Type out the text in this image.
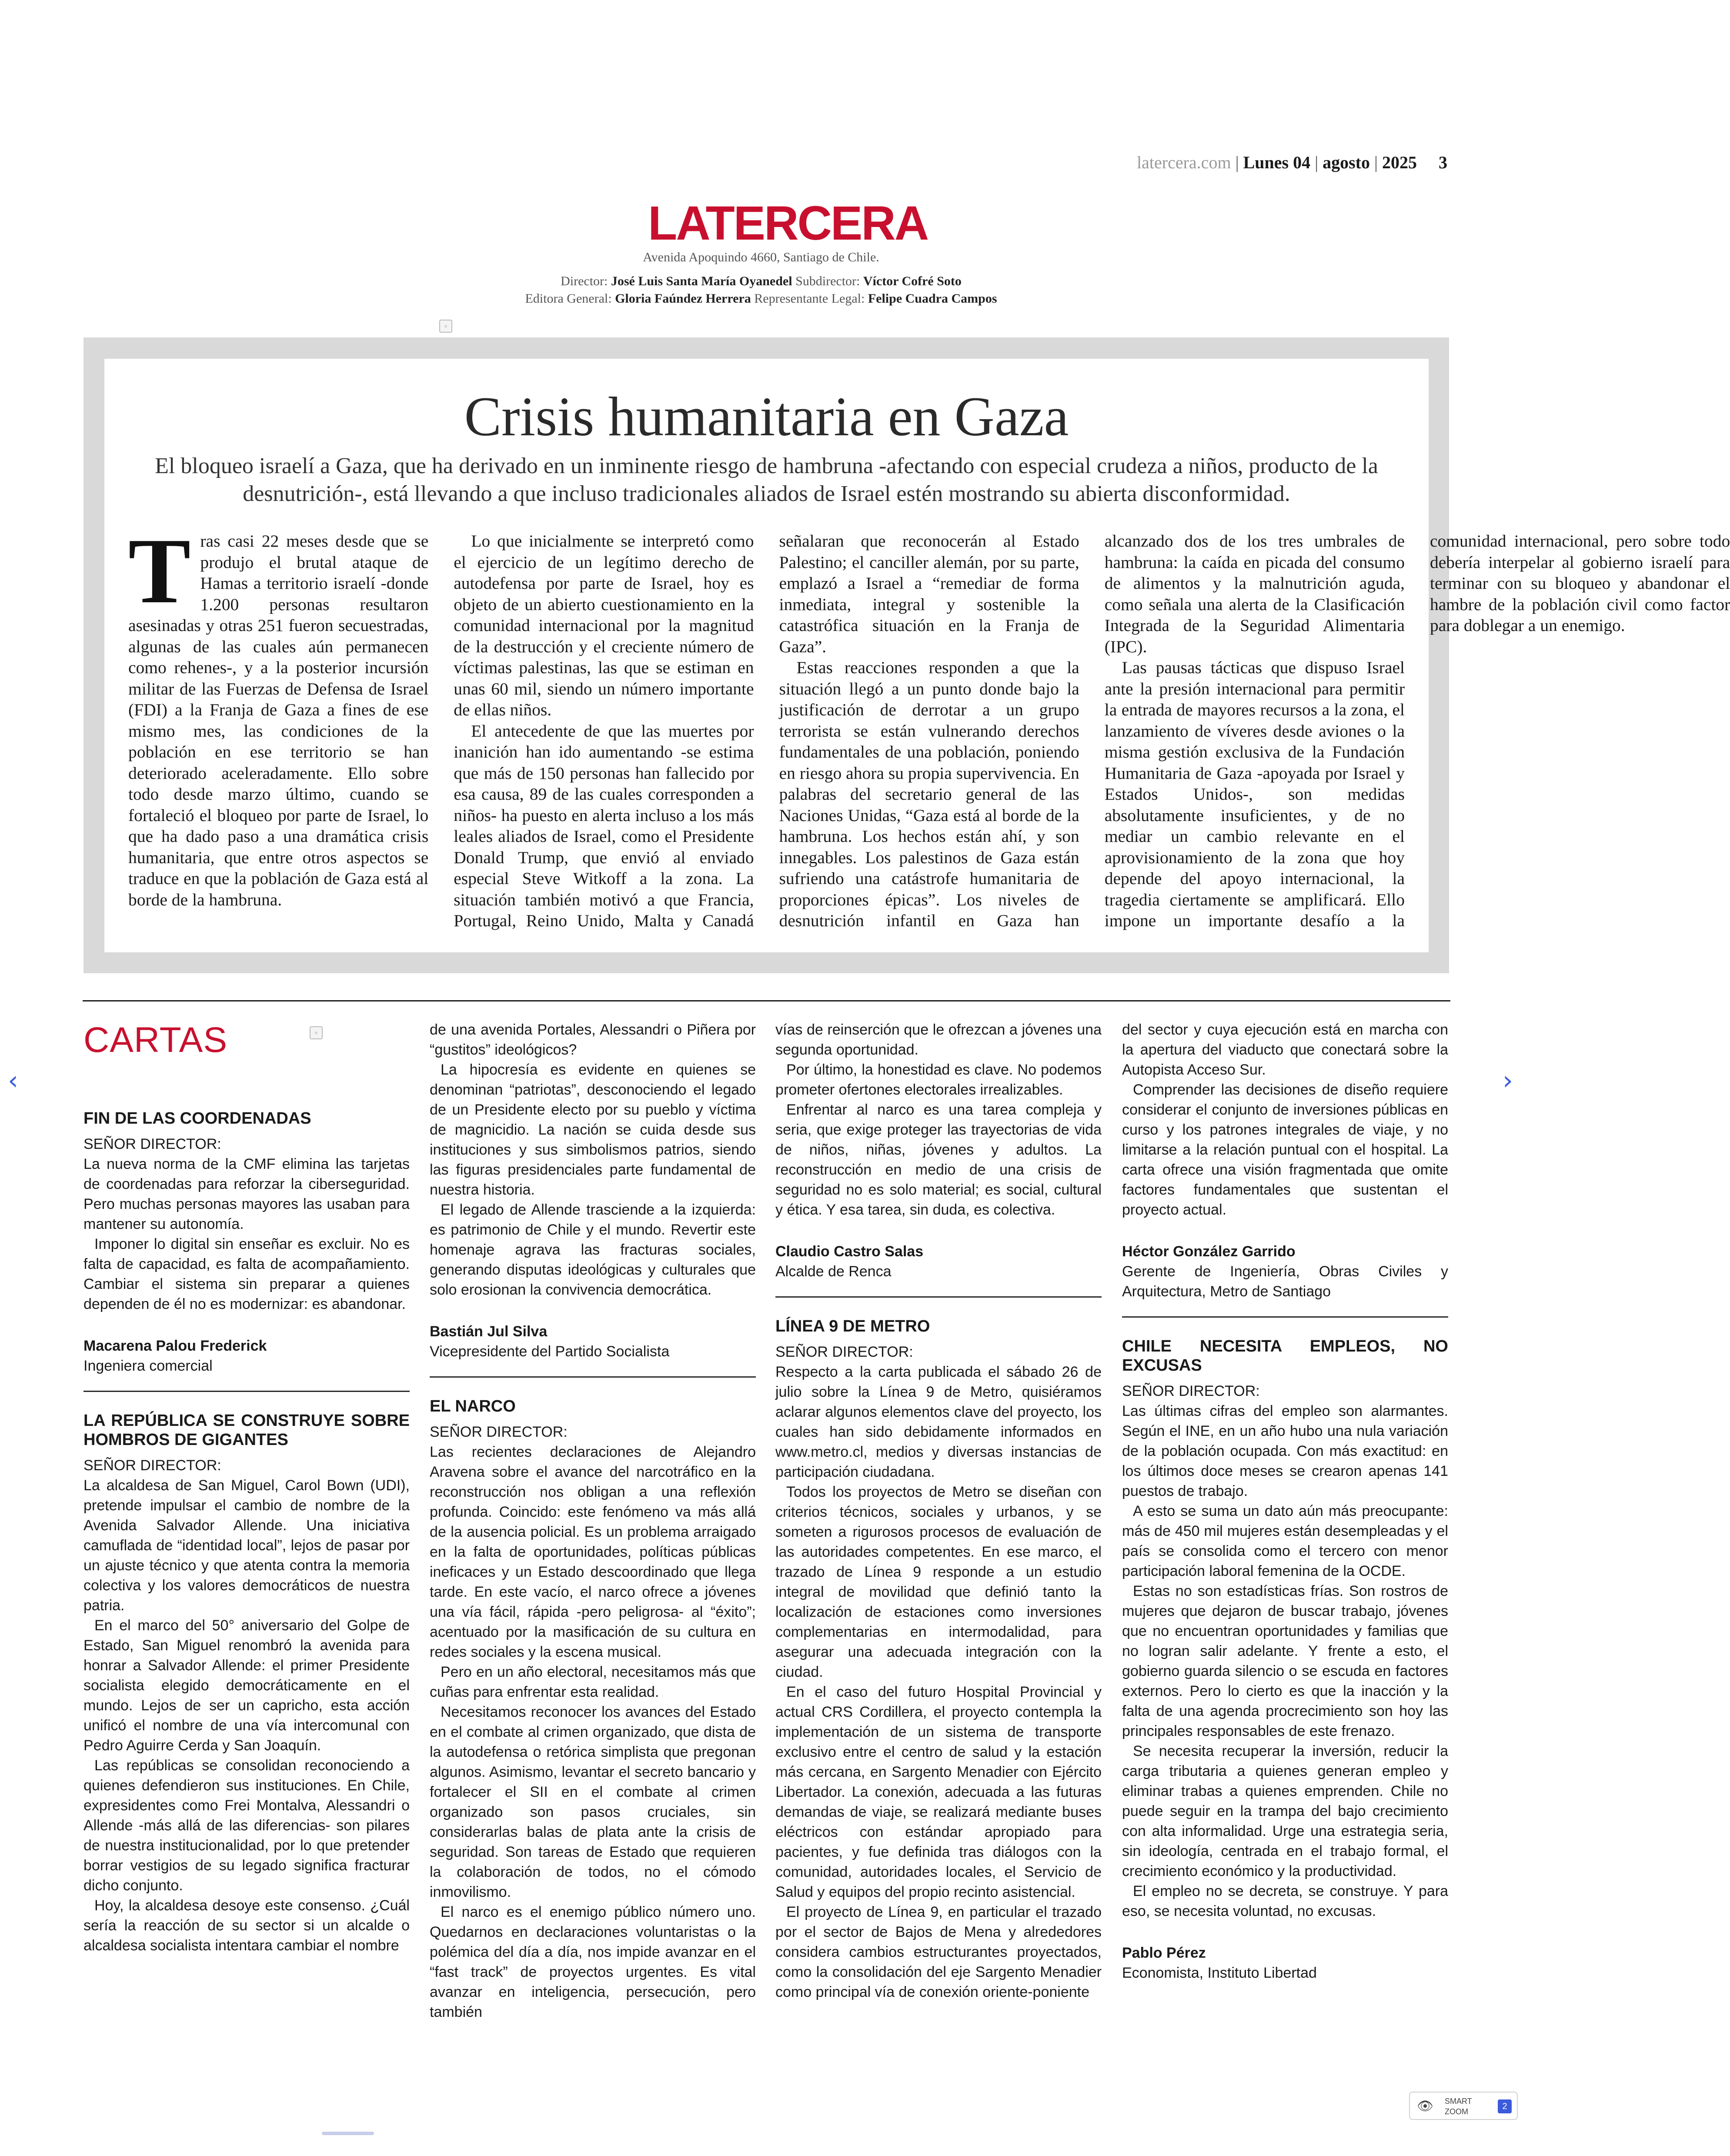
latercera.com | Lunes 04 | agosto | 2025 3
LATERCERA
Avenida Apoquindo 4660, Santiago de Chile.
Director: José Luis Santa María Oyanedel Subdirector: Víctor Cofré Soto
Editora General: Gloria Faúndez Herrera Representante Legal: Felipe Cuadra Campos
▫
Crisis humanitaria en Gaza
El bloqueo israelí a Gaza, que ha derivado en un inminente riesgo de hambruna -afectando con especial crudeza a niños, producto de la desnutrición-, está llevando a que incluso tradicionales aliados de Israel estén mostrando su abierta disconformidad.

Tras casi 22 meses desde que se produjo el brutal ataque de Hamas a territorio israelí -donde 1.200 personas resultaron asesinadas y otras 251 fueron secuestradas, algunas de las cuales aún permanecen como rehenes-, y a la posterior incursión militar de las Fuerzas de Defensa de Israel (FDI) a la Franja de Gaza a fines de ese mismo mes, las condiciones de la población en ese territorio se han deteriorado aceleradamente. Ello sobre todo desde marzo último, cuando se fortaleció el bloqueo por parte de Israel, lo que ha dado paso a una dramática crisis humanitaria, que entre otros aspectos se traduce en que la población de Gaza está al borde de la hambruna.

Lo que inicialmente se interpretó como el ejercicio de un legítimo derecho de autodefensa por parte de Israel, hoy es objeto de un abierto cuestionamiento en la comunidad internacional por la magnitud de la destrucción y el creciente número de víctimas palestinas, las que se estiman en unas 60 mil, siendo un número importante de ellas niños.

El antecedente de que las muertes por inanición han ido aumentando -se estima que más de 150 personas han fallecido por esa causa, 89 de las cuales corresponden a niños- ha puesto en alerta incluso a los más leales aliados de Israel, como el Presidente Donald Trump, que envió al enviado especial Steve Witkoff a la zona. La situación también motivó a que Francia, Portugal, Reino Unido, Malta y Canadá señalaran que reconocerán al Estado Palestino; el canciller alemán, por su parte, emplazó a Israel a “remediar de forma inmediata, integral y sostenible la catastrófica situación en la Franja de Gaza”.

Estas reacciones responden a que la situación llegó a un punto donde bajo la justificación de derrotar a un grupo terrorista se están vulnerando derechos fundamentales de una población, poniendo en riesgo ahora su propia supervivencia. En palabras del secretario general de las Naciones Unidas, “Gaza está al borde de la hambruna. Los hechos están ahí, y son innegables. Los palestinos de Gaza están sufriendo una catástrofe humanitaria de proporciones épicas”. Los niveles de desnutrición infantil en Gaza han alcanzado dos de los tres umbrales de hambruna: la caída en picada del consumo de alimentos y la malnutrición aguda, como señala una alerta de la Clasificación Integrada de la Seguridad Alimentaria (IPC).

Las pausas tácticas que dispuso Israel ante la presión internacional para permitir la entrada de mayores recursos a la zona, el lanzamiento de víveres desde aviones o la misma gestión exclusiva de la Fundación Humanitaria de Gaza -apoyada por Israel y Estados Unidos-, son medidas absolutamente insuficientes, y de no mediar un cambio relevante en el aprovisionamiento de la zona que hoy depende del apoyo internacional, la tragedia ciertamente se amplificará. Ello impone un importante desafío a la comunidad internacional, pero sobre todo debería interpelar al gobierno israelí para terminar con su bloqueo y abandonar el hambre de la población civil como factor para doblegar a un enemigo.

CARTAS	▫
FIN DE LAS COORDENADAS

SEÑOR DIRECTOR:

La nueva norma de la CMF elimina las tarjetas de coordenadas para reforzar la ciberseguridad. Pero muchas personas mayores las usaban para mantener su autonomía.

Imponer lo digital sin enseñar es excluir. No es falta de capacidad, es falta de acompañamiento. Cambiar el sistema sin preparar a quienes dependen de él no es modernizar: es abandonar.

Macarena Palou Frederick
Ingeniera comercial
LA REPÚBLICA SE CONSTRUYE SOBRE HOMBROS DE GIGANTES

SEÑOR DIRECTOR:

La alcaldesa de San Miguel, Carol Bown (UDI), pretende impulsar el cambio de nombre de la Avenida Salvador Allende. Una iniciativa camuflada de “identidad local”, lejos de pasar por un ajuste técnico y que atenta contra la memoria colectiva y los valores democráticos de nuestra patria.

En el marco del 50° aniversario del Golpe de Estado, San Miguel renombró la avenida para honrar a Salvador Allende: el primer Presidente socialista elegido democráticamente en el mundo. Lejos de ser un capricho, esta acción unificó el nombre de una vía intercomunal con Pedro Aguirre Cerda y San Joaquín.

Las repúblicas se consolidan reconociendo a quienes defendieron sus instituciones. En Chile, expresidentes como Frei Montalva, Alessandri o Allende -más allá de las diferencias- son pilares de nuestra institucionalidad, por lo que pretender borrar vestigios de su legado significa fracturar dicho conjunto.

Hoy, la alcaldesa desoye este consenso. ¿Cuál sería la reacción de su sector si un alcalde o alcaldesa socialista intentara cambiar el nombre

de una avenida Portales, Alessandri o Piñera por “gustitos” ideológicos?

La hipocresía es evidente en quienes se denominan “patriotas”, desconociendo el legado de un Presidente electo por su pueblo y víctima de magnicidio. La nación se cuida desde sus instituciones y sus simbolismos patrios, siendo las figuras presidenciales parte fundamental de nuestra historia.

El legado de Allende trasciende a la izquierda: es patrimonio de Chile y el mundo. Revertir este homenaje agrava las fracturas sociales, generando disputas ideológicas y culturales que solo erosionan la convivencia democrática.

Bastián Jul Silva
Vicepresidente del Partido Socialista
EL NARCO

SEÑOR DIRECTOR:

Las recientes declaraciones de Alejandro Aravena sobre el avance del narcotráfico en la reconstrucción nos obligan a una reflexión profunda. Coincido: este fenómeno va más allá de la ausencia policial. Es un problema arraigado en la falta de oportunidades, políticas públicas ineficaces y un Estado descoordinado que llega tarde. En este vacío, el narco ofrece a jóvenes una vía fácil, rápida -pero peligrosa- al “éxito”; acentuado por la masificación de su cultura en redes sociales y la escena musical.

Pero en un año electoral, necesitamos más que cuñas para enfrentar esta realidad.

Necesitamos reconocer los avances del Estado en el combate al crimen organizado, que dista de la autodefensa o retórica simplista que pregonan algunos. Asimismo, levantar el secreto bancario y fortalecer el SII en el combate al crimen organizado son pasos cruciales, sin considerarlas balas de plata ante la crisis de seguridad. Son tareas de Estado que requieren la colaboración de todos, no el cómodo inmovilismo.

El narco es el enemigo público número uno. Quedarnos en declaraciones voluntaristas o la polémica del día a día, nos impide avanzar en el “fast track” de proyectos urgentes. Es vital avanzar en inteligencia, persecución, pero también

vías de reinserción que le ofrezcan a jóvenes una segunda oportunidad.

Por último, la honestidad es clave. No podemos prometer ofertones electorales irrealizables.

Enfrentar al narco es una tarea compleja y seria, que exige proteger las trayectorias de vida de niños, niñas, jóvenes y adultos. La reconstrucción en medio de una crisis de seguridad no es solo material; es social, cultural y ética. Y esa tarea, sin duda, es colectiva.

Claudio Castro Salas
Alcalde de Renca
LÍNEA 9 DE METRO

SEÑOR DIRECTOR:

Respecto a la carta publicada el sábado 26 de julio sobre la Línea 9 de Metro, quisiéramos aclarar algunos elementos clave del proyecto, los cuales han sido debidamente informados en www.metro.cl, medios y diversas instancias de participación ciudadana.

Todos los proyectos de Metro se diseñan con criterios técnicos, sociales y urbanos, y se someten a rigurosos procesos de evaluación de las autoridades competentes. En ese marco, el trazado de Línea 9 responde a un estudio integral de movilidad que definió tanto la localización de estaciones como inversiones complementarias en intermodalidad, para asegurar una adecuada integración con la ciudad.

En el caso del futuro Hospital Provincial y actual CRS Cordillera, el proyecto contempla la implementación de un sistema de transporte exclusivo entre el centro de salud y la estación más cercana, en Sargento Menadier con Ejército Libertador. La conexión, adecuada a las futuras demandas de viaje, se realizará mediante buses eléctricos con estándar apropiado para pacientes, y fue definida tras diálogos con la comunidad, autoridades locales, el Servicio de Salud y equipos del propio recinto asistencial.

El proyecto de Línea 9, en particular el trazado por el sector de Bajos de Mena y alrededores considera cambios estructurantes proyectados, como la consolidación del eje Sargento Menadier como principal vía de conexión oriente-poniente

del sector y cuya ejecución está en marcha con la apertura del viaducto que conectará sobre la Autopista Acceso Sur.

Comprender las decisiones de diseño requiere considerar el conjunto de inversiones públicas en curso y los patrones integrales de viaje, y no limitarse a la relación puntual con el hospital. La carta ofrece una visión fragmentada que omite factores fundamentales que sustentan el proyecto actual.

Héctor González Garrido
Gerente de Ingeniería, Obras Civiles y Arquitectura, Metro de Santiago
CHILE NECESITA EMPLEOS, NO EXCUSAS

SEÑOR DIRECTOR:

Las últimas cifras del empleo son alarmantes. Según el INE, en un año hubo una nula variación de la población ocupada. Con más exactitud: en los últimos doce meses se crearon apenas 141 puestos de trabajo.

A esto se suma un dato aún más preocupante: más de 450 mil mujeres están desempleadas y el país se consolida como el tercero con menor participación laboral femenina de la OCDE.

Estas no son estadísticas frías. Son rostros de mujeres que dejaron de buscar trabajo, jóvenes que no encuentran oportunidades y familias que no logran salir adelante. Y frente a esto, el gobierno guarda silencio o se escuda en factores externos. Pero lo cierto es que la inacción y la falta de una agenda procrecimiento son hoy las principales responsables de este frenazo.

Se necesita recuperar la inversión, reducir la carga tributaria a quienes generan empleo y eliminar trabas a quienes emprenden. Chile no puede seguir en la trampa del bajo crecimiento con alta informalidad. Urge una estrategia seria, sin ideología, centrada en el trabajo formal, el crecimiento económico y la productividad.

El empleo no se decreta, se construye. Y para eso, se necesita voluntad, no excusas.

Pablo Pérez
Economista, Instituto Libertad
‹	›
👁 SMART
ZOOM
2
